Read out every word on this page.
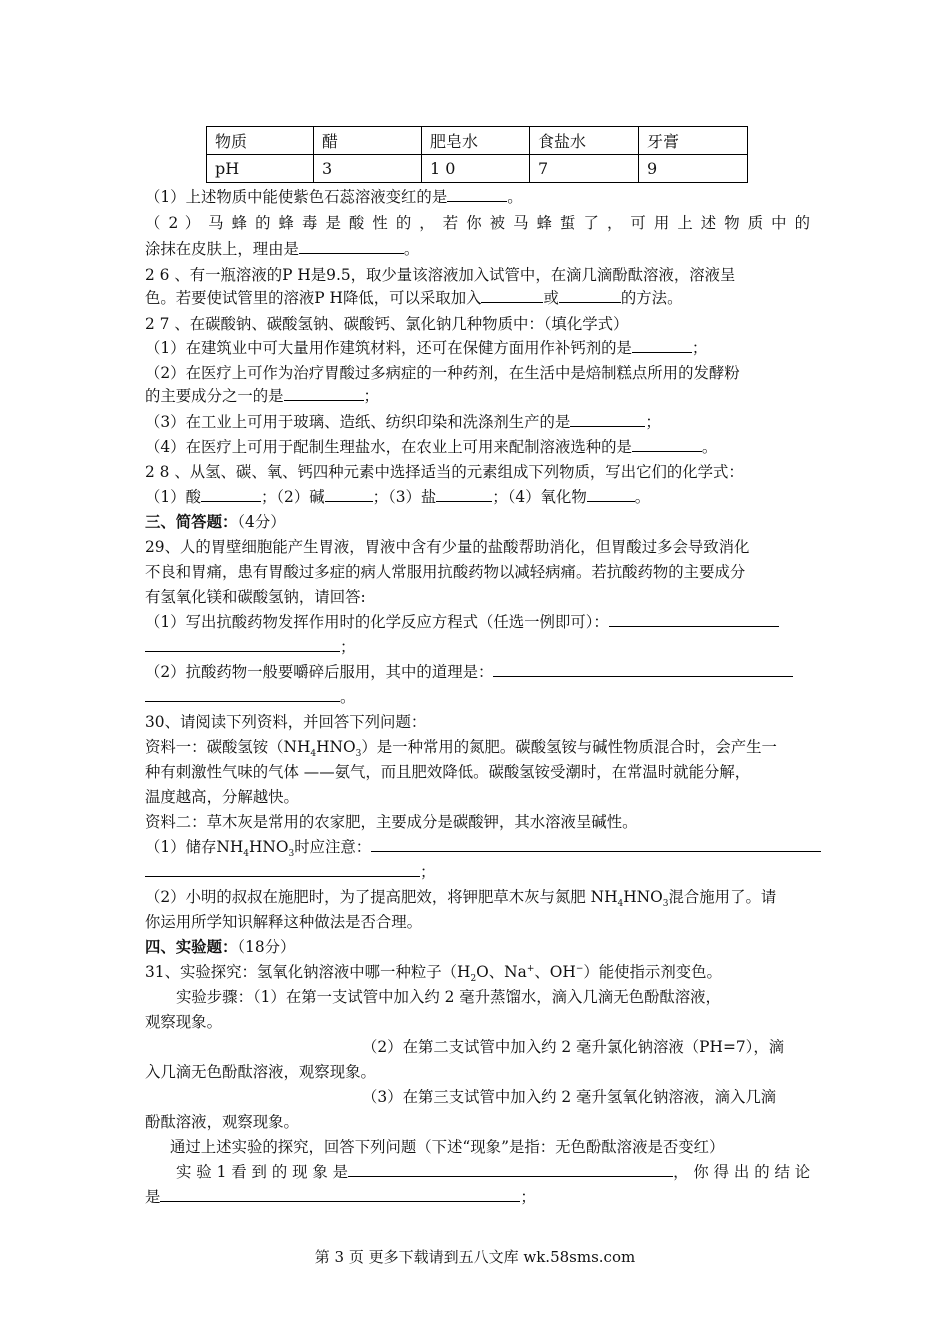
物质	醋	肥皂水	食盐水	牙膏
pH	3	1 0	7	9
（1）上述物质中能使紫色石蕊溶液变红的是	。
（ 2 ） 马 蜂 的 蜂 毒 是 酸 性 的 ， 若 你 被 马 蜂 蜇 了 ， 可 用 上 述 物 质 中 的
涂抹在皮肤上，理由是	。
2 6 、有一瓶溶液的P H是9.5，取少量该溶液加入试管中，在滴几滴酚酞溶液，溶液呈
色。若要使试管里的溶液P H降低，可以采取加入	或	的方法。
2 7 、在碳酸钠、碳酸氢钠、碳酸钙、氯化钠几种物质中：（填化学式）
（1）在建筑业中可大量用作建筑材料，还可在保健方面用作补钙剂的是	；
（2）在医疗上可作为治疗胃酸过多病症的一种药剂，在生活中是焙制糕点所用的发酵粉
的主要成分之一的是	；
（3）在工业上可用于玻璃、造纸、纺织印染和洗涤剂生产的是	；
（4）在医疗上可用于配制生理盐水，在农业上可用来配制溶液选种的是	。
2 8 、从氢、碳、氧、钙四种元素中选择适当的元素组成下列物质，写出它们的化学式：
（1）酸	；（2）碱	；（3）盐	；（4）氧化物	。
三、简答题：（4分）
29、人的胃壁细胞能产生胃液，胃液中含有少量的盐酸帮助消化，但胃酸过多会导致消化
不良和胃痛，患有胃酸过多症的病人常服用抗酸药物以减轻病痛。若抗酸药物的主要成分
有氢氧化镁和碳酸氢钠，请回答:
（1）写出抗酸药物发挥作用时的化学反应方程式（任选一例即可）：
；
（2）抗酸药物一般要嚼碎后服用，其中的道理是：
。
30、请阅读下列资料，并回答下列问题：
资料一：碳酸氢铵$(NH_4HNO_3)$是一种常用的氮肥。碳酸氢铵与碱性物质混合时，会产生一
种有刺激性气味的气体 ——氨气，而且肥效降低。碳酸氢铵受潮时，在常温时就能分解，
温度越高，分解越快。
资料二：草木灰是常用的农家肥，主要成分是碳酸钾，其水溶液呈碱性。
（1）储存$NH_4HNO_3$时应注意：
；
（2）小明的叔叔在施肥时，为了提高肥效，将钾肥草木灰与氮肥 $NH_4HNO_3$混合施用了。请
你运用所学知识解释这种做法是否合理。
四、实验题：（18分）
31、实验探究：氢氧化钠溶液中哪一种粒子（$H_2O$、Na+、OH−）能使指示剂变色。
实验步骤：（1）在第一支试管中加入约 2 毫升蒸馏水，滴入几滴无色酚酞溶液，
观察现象。
（2）在第二支试管中加入约 2 毫升氯化钠溶液（PH=7），滴
入几滴无色酚酞溶液，观察现象。
（3）在第三支试管中加入约 2 毫升氢氧化钠溶液，滴入几滴
酚酞溶液，观察现象。
通过上述实验的探究，回答下列问题（下述“现象”是指：无色酚酞溶液是否变红）
实 验 1 看 到 的 现 象 是	， 你 得 出 的 结 论
是	；
第 3 页 更多下载请到五八文库 wk.58sms.com
